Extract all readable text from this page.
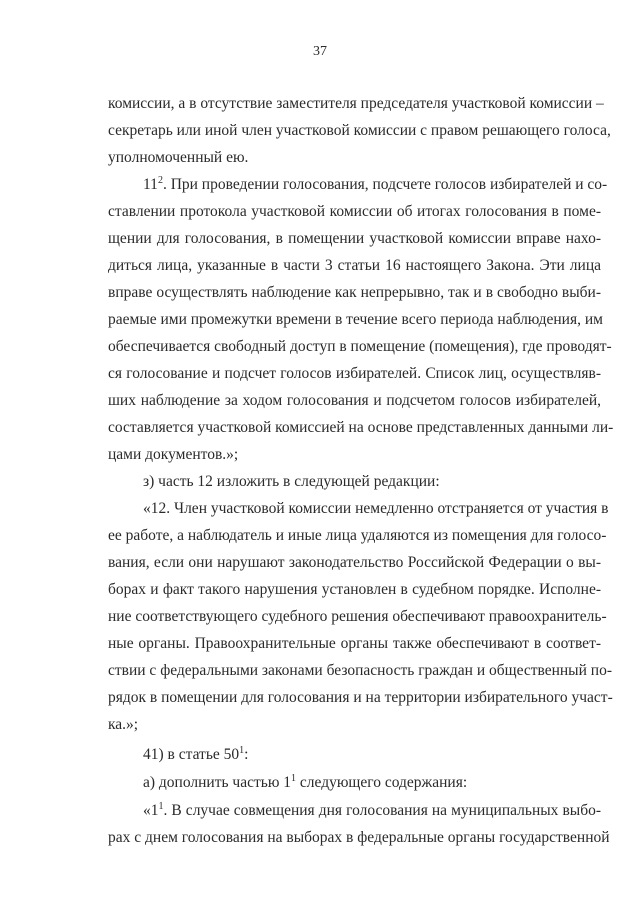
37
комиссии, а в отсутствие заместителя председателя участковой комиссии –
секретарь или иной член участковой комиссии с правом решающего голоса,
уполномоченный ею.
$11^2$. При проведении голосования, подсчете голосов избирателей и со-
ставлении протокола участковой комиссии об итогах голосования в поме-
щении для голосования, в помещении участковой комиссии вправе нахо-
диться лица, указанные в части 3 статьи 16 настоящего Закона. Эти лица
вправе осуществлять наблюдение как непрерывно, так и в свободно выби-
раемые ими промежутки времени в течение всего периода наблюдения, им
обеспечивается свободный доступ в помещение (помещения), где проводят-
ся голосование и подсчет голосов избирателей. Список лиц, осуществляв-
ших наблюдение за ходом голосования и подсчетом голосов избирателей,
составляется участковой комиссией на основе представленных данными ли-
цами документов.»;
з) часть 12 изложить в следующей редакции:
«12. Член участковой комиссии немедленно отстраняется от участия в
ее работе, а наблюдатель и иные лица удаляются из помещения для голосо-
вания, если они нарушают законодательство Российской Федерации о вы-
борах и факт такого нарушения установлен в судебном порядке. Исполне-
ние соответствующего судебного решения обеспечивают правоохранитель-
ные органы. Правоохранительные органы также обеспечивают в соответ-
ствии с федеральными законами безопасность граждан и общественный по-
рядок в помещении для голосования и на территории избирательного участ-
ка.»;
41) в статье $50^1$:
а) дополнить частью $1^1$ следующего содержания:
«$1^1$. В случае совмещения дня голосования на муниципальных выбо-
рах с днем голосования на выборах в федеральные органы государственной
